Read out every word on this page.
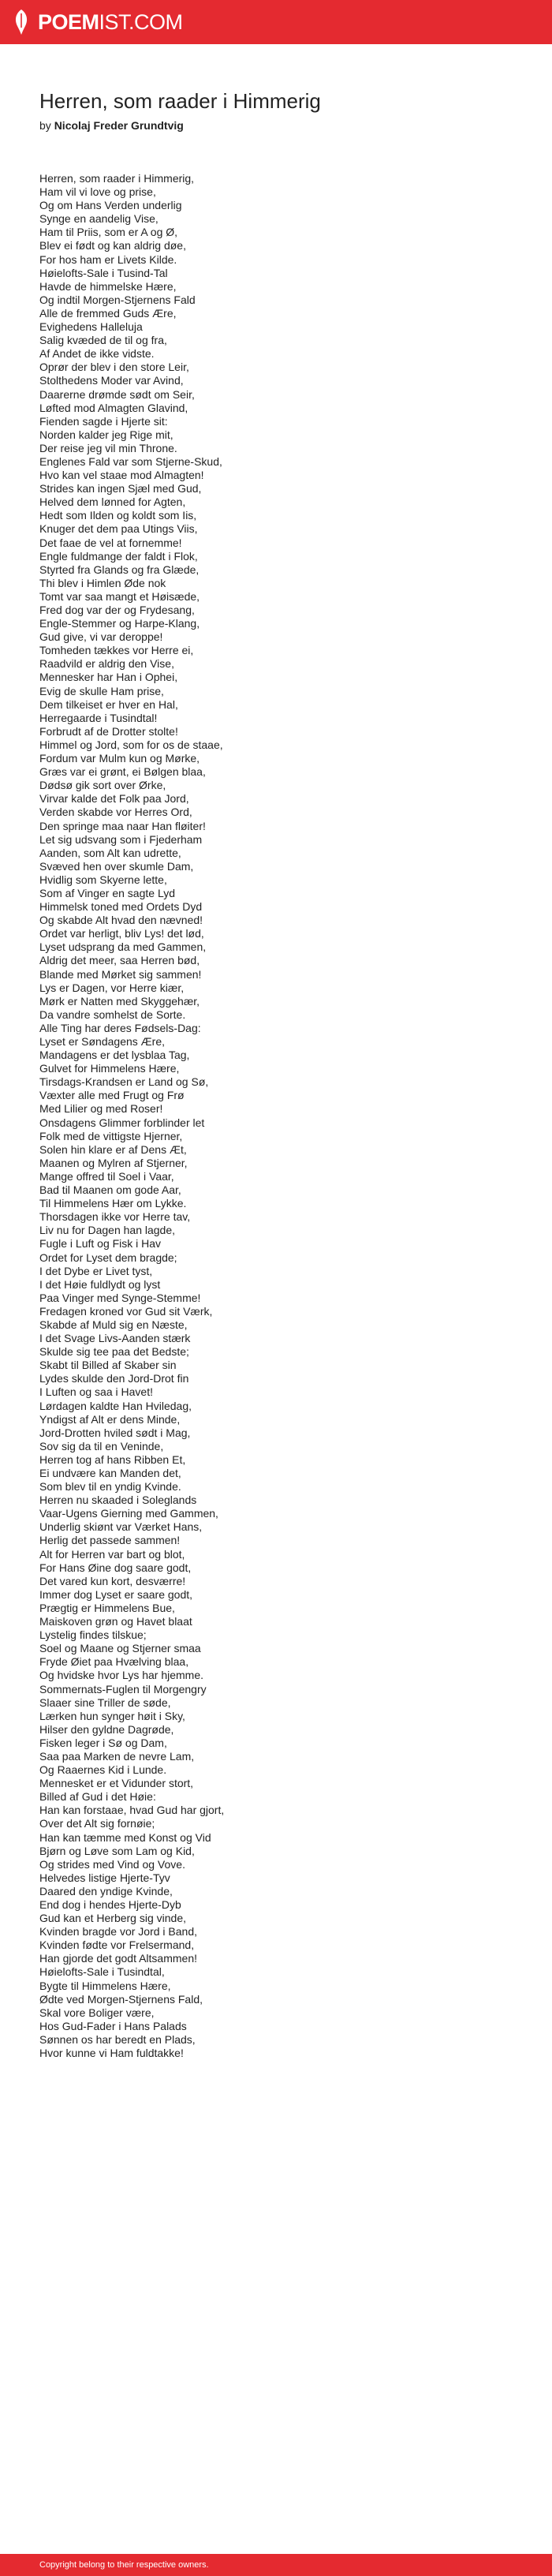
POEMIST.COM
Herren, som raader i Himmerig
by Nicolaj Freder Grundtvig
Herren, som raader i Himmerig,
Ham vil vi love og prise,
Og om Hans Verden underlig
Synge en aandelig Vise,
Ham til Priis, som er A og Ø,
Blev ei født og kan aldrig døe,
For hos ham er Livets Kilde.
Høielofts-Sale i Tusind-Tal
Havde de himmelske Hære,
Og indtil Morgen-Stjernens Fald
Alle de fremmed Guds Ære,
Evighedens Halleluja
Salig kvæded de til og fra,
Af Andet de ikke vidste.
Oprør der blev i den store Leir,
Stolthedens Moder var Avind,
Daarerne drømde sødt om Seir,
Løfted mod Almagten Glavind,
Fienden sagde i Hjerte sit:
Norden kalder jeg Rige mit,
Der reise jeg vil min Throne.
Englenes Fald var som Stjerne-Skud,
Hvo kan vel staae mod Almagten!
Strides kan ingen Sjæl med Gud,
Helved dem lønned for Agten,
Hedt som Ilden og koldt som Iis,
Knuger det dem paa Utings Viis,
Det faae de vel at fornemme!
Engle fuldmange der faldt i Flok,
Styrted fra Glands og fra Glæde,
Thi blev i Himlen Øde nok
Tomt var saa mangt et Høisæde,
Fred dog var der og Frydesang,
Engle-Stemmer og Harpe-Klang,
Gud give, vi var deroppe!
Tomheden tækkes vor Herre ei,
Raadvild er aldrig den Vise,
Mennesker har Han i Ophei,
Evig de skulle Ham prise,
Dem tilkeiset er hver en Hal,
Herregaarde i Tusindtal!
Forbrudt af de Drotter stolte!
Himmel og Jord, som for os de staae,
Fordum var Mulm kun og Mørke,
Græs var ei grønt, ei Bølgen blaa,
Dødsø gik sort over Ørke,
Virvar kalde det Folk paa Jord,
Verden skabde vor Herres Ord,
Den springe maa naar Han fløiter!
Let sig udsvang som i Fjederham
Aanden, som Alt kan udrette,
Svæved hen over skumle Dam,
Hvidlig som Skyerne lette,
Som af Vinger en sagte Lyd
Himmelsk toned med Ordets Dyd
Og skabde Alt hvad den nævned!
Ordet var herligt, bliv Lys! det lød,
Lyset udsprang da med Gammen,
Aldrig det meer, saa Herren bød,
Blande med Mørket sig sammen!
Lys er Dagen, vor Herre kiær,
Mørk er Natten med Skyggehær,
Da vandre somhelst de Sorte.
Alle Ting har deres Fødsels-Dag:
Lyset er Søndagens Ære,
Mandagens er det lysblaa Tag,
Gulvet for Himmelens Hære,
Tirsdags-Krandsen er Land og Sø,
Væxter alle med Frugt og Frø
Med Lilier og med Roser!
Onsdagens Glimmer forblinder let
Folk med de vittigste Hjerner,
Solen hin klare er af Dens Æt,
Maanen og Mylren af Stjerner,
Mange offred til Soel i Vaar,
Bad til Maanen om gode Aar,
Til Himmelens Hær om Lykke.
Thorsdagen ikke vor Herre tav,
Liv nu for Dagen han lagde,
Fugle i Luft og Fisk i Hav
Ordet for Lyset dem bragde;
I det Dybe er Livet tyst,
I det Høie fuldlydt og lyst
Paa Vinger med Synge-Stemme!
Fredagen kroned vor Gud sit Værk,
Skabde af Muld sig en Næste,
I det Svage Livs-Aanden stærk
Skulde sig tee paa det Bedste;
Skabt til Billed af Skaber sin
Lydes skulde den Jord-Drot fin
I Luften og saa i Havet!
Lørdagen kaldte Han Hviledag,
Yndigst af Alt er dens Minde,
Jord-Drotten hviled sødt i Mag,
Sov sig da til en Veninde,
Herren tog af hans Ribben Et,
Ei undvære kan Manden det,
Som blev til en yndig Kvinde.
Herren nu skaaded i Soleglands
Vaar-Ugens Gierning med Gammen,
Underlig skiønt var Værket Hans,
Herlig det passede sammen!
Alt for Herren var bart og blot,
For Hans Øine dog saare godt,
Det vared kun kort, desværre!
Immer dog Lyset er saare godt,
Prægtig er Himmelens Bue,
Maiskoven grøn og Havet blaat
Lystelig findes tilskue;
Soel og Maane og Stjerner smaa
Fryde Øiet paa Hvælving blaa,
Og hvidske hvor Lys har hjemme.
Sommernats-Fuglen til Morgengry
Slaaer sine Triller de søde,
Lærken hun synger høit i Sky,
Hilser den gyldne Dagrøde,
Fisken leger i Sø og Dam,
Saa paa Marken de nevre Lam,
Og Raaernes Kid i Lunde.
Mennesket er et Vidunder stort,
Billed af Gud i det Høie:
Han kan forstaae, hvad Gud har gjort,
Over det Alt sig fornøie;
Han kan tæmme med Konst og Vid
Bjørn og Løve som Lam og Kid,
Og strides med Vind og Vove.
Helvedes listige Hjerte-Tyv
Daared den yndige Kvinde,
End dog i hendes Hjerte-Dyb
Gud kan et Herberg sig vinde,
Kvinden bragde vor Jord i Band,
Kvinden fødte vor Frelsermand,
Han gjorde det godt Altsammen!
Høielofts-Sale i Tusindtal,
Bygte til Himmelens Hære,
Ødte ved Morgen-Stjernens Fald,
Skal vore Boliger være,
Hos Gud-Fader i Hans Palads
Sønnen os har beredt en Plads,
Hvor kunne vi Ham fuldtakke!
Copyright belong to their respective owners.
